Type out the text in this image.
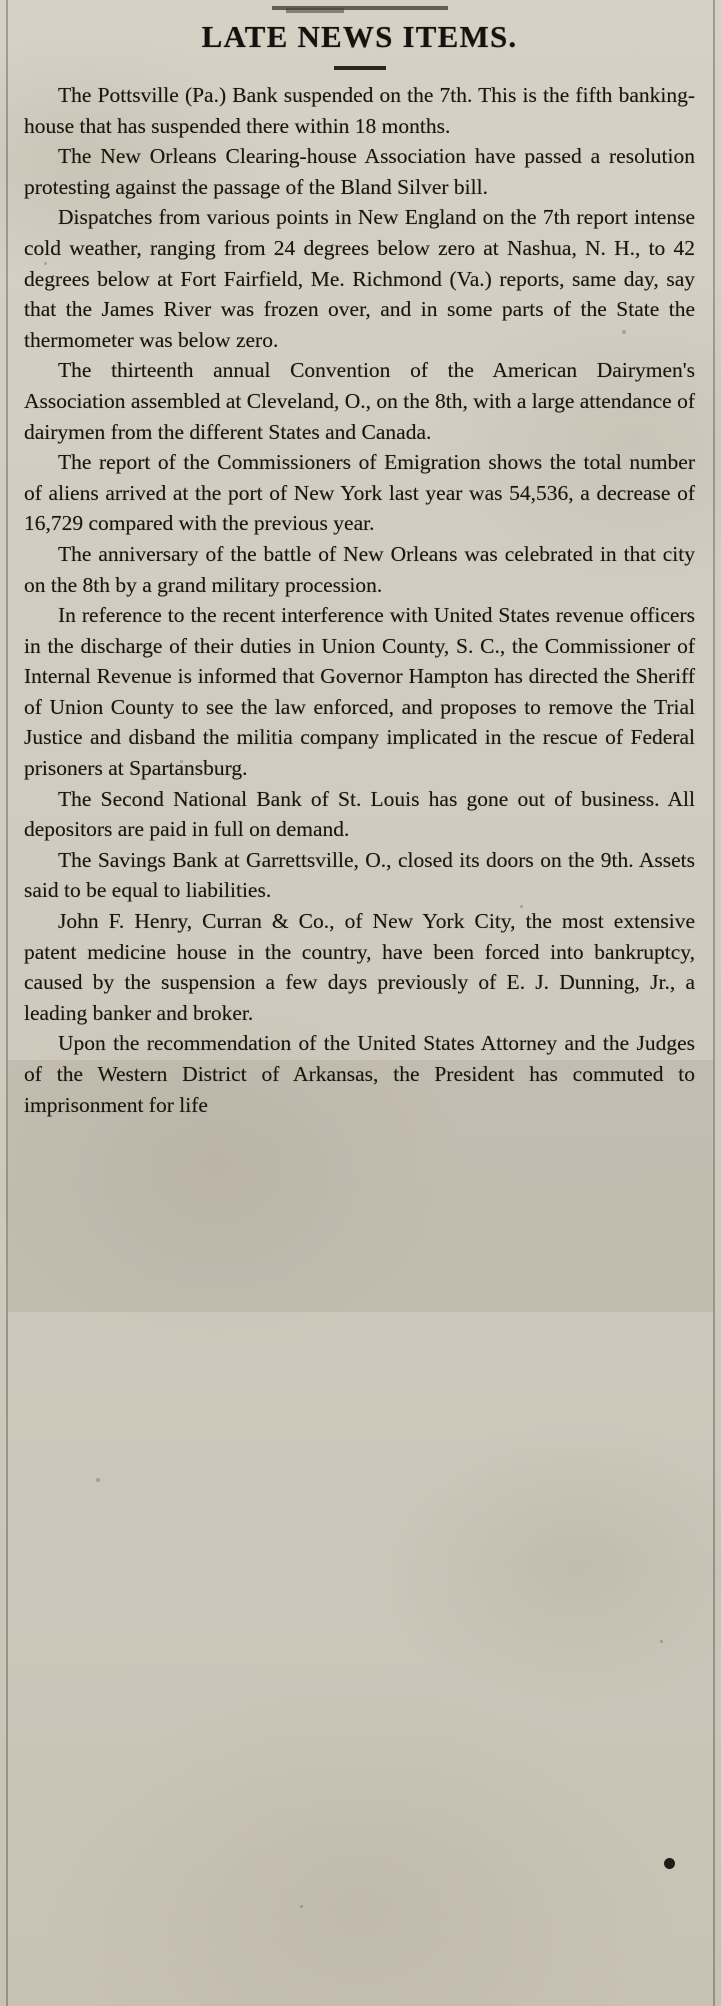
LATE NEWS ITEMS.

The Pottsville (Pa.) Bank suspended on the 7th. This is the fifth banking-house that has suspended there within 18 months.

The New Orleans Clearing-house Association have passed a resolution protesting against the passage of the Bland Silver bill.

Dispatches from various points in New England on the 7th report intense cold weather, ranging from 24 degrees below zero at Nashua, N. H., to 42 degrees below at Fort Fairfield, Me. Richmond (Va.) reports, same day, say that the James River was frozen over, and in some parts of the State the thermometer was below zero.

The thirteenth annual Convention of the American Dairymen's Association assembled at Cleveland, O., on the 8th, with a large attendance of dairymen from the different States and Canada.

The report of the Commissioners of Emigration shows the total number of aliens arrived at the port of New York last year was 54,536, a decrease of 16,729 compared with the previous year.

The anniversary of the battle of New Orleans was celebrated in that city on the 8th by a grand military procession.

In reference to the recent interference with United States revenue officers in the discharge of their duties in Union County, S. C., the Commissioner of Internal Revenue is informed that Governor Hampton has directed the Sheriff of Union County to see the law enforced, and proposes to remove the Trial Justice and disband the militia company implicated in the rescue of Federal prisoners at Spartansburg.

The Second National Bank of St. Louis has gone out of business. All depositors are paid in full on demand.

The Savings Bank at Garrettsville, O., closed its doors on the 9th. Assets said to be equal to liabilities.

John F. Henry, Curran & Co., of New York City, the most extensive patent medicine house in the country, have been forced into bankruptcy, caused by the suspension a few days previously of E. J. Dunning, Jr., a leading banker and broker.

Upon the recommendation of the United States Attorney and the Judges of the Western District of Arkansas, the President has commuted to imprisonment for life
